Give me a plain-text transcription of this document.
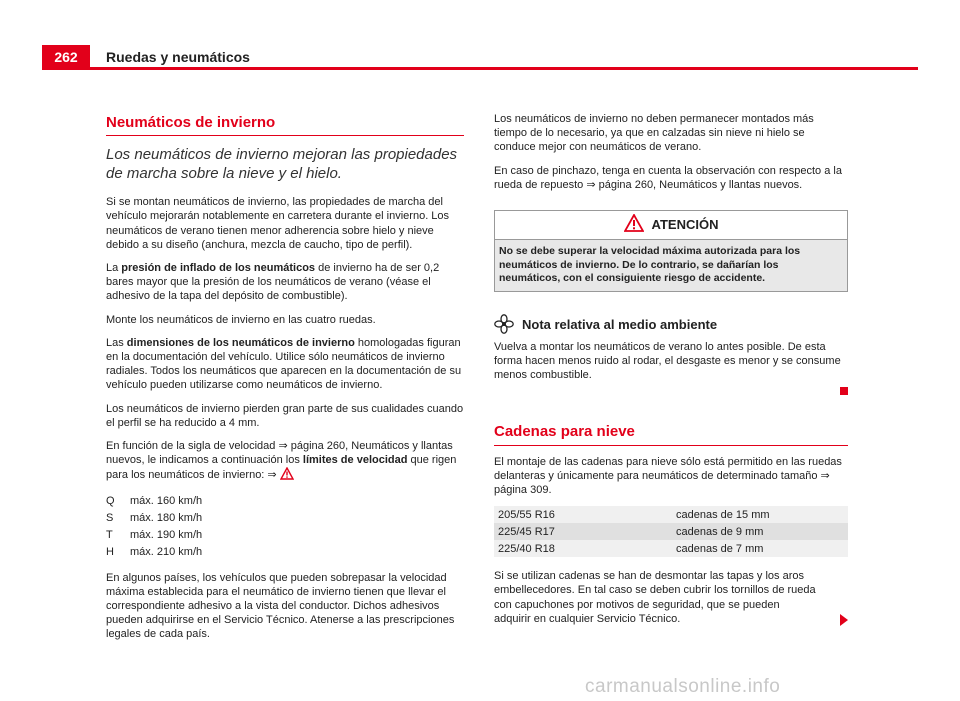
262	Ruedas y neumáticos
Neumáticos de invierno
Los neumáticos de invierno mejoran las propiedades de marcha sobre la nieve y el hielo.

Si se montan neumáticos de invierno, las propiedades de marcha del vehículo mejorarán notablemente en carretera durante el invierno. Los neumáticos de verano tienen menor adherencia sobre hielo y nieve debido a su diseño (anchura, mezcla de caucho, tipo de perfil).

La presión de inflado de los neumáticos de invierno ha de ser 0,2 bares mayor que la presión de los neumáticos de verano (véase el adhesivo de la tapa del depósito de combustible).

Monte los neumáticos de invierno en las cuatro ruedas.

Las dimensiones de los neumáticos de invierno homologadas figuran en la documentación del vehículo. Utilice sólo neumáticos de invierno radiales. Todos los neumáticos que aparecen en la documentación de su vehículo pueden utilizarse como neumáticos de invierno.

Los neumáticos de invierno pierden gran parte de sus cualidades cuando el perfil se ha reducido a 4 mm.

En función de la sigla de velocidad ⇒ página 260, Neumáticos y llantas nuevos, le indicamos a continuación los límites de velocidad que rigen para los neumáticos de invierno: ⇒

Q	máx. 160 km/h
S	máx. 180 km/h
T	máx. 190 km/h
H	máx. 210 km/h

En algunos países, los vehículos que pueden sobrepasar la velocidad máxima establecida para el neumático de invierno tienen que llevar el correspondiente adhesivo a la vista del conductor. Dichos adhesivos pueden adquirirse en el Servicio Técnico. Atenerse a las prescripciones legales de cada país.

Los neumáticos de invierno no deben permanecer montados más tiempo de lo necesario, ya que en calzadas sin nieve ni hielo se conduce mejor con neumáticos de verano.

En caso de pinchazo, tenga en cuenta la observación con respecto a la rueda de repuesto ⇒ página 260, Neumáticos y llantas nuevos.

ATENCIÓN
No se debe superar la velocidad máxima autorizada para los neumáticos de invierno. De lo contrario, se dañarían los neumáticos, con el consiguiente riesgo de accidente.
Nota relativa al medio ambiente

Vuelva a montar los neumáticos de verano lo antes posible. De esta forma hacen menos ruido al rodar, el desgaste es menor y se consume menos combustible.

Cadenas para nieve

El montaje de las cadenas para nieve sólo está permitido en las ruedas delanteras y únicamente para neumáticos de determinado tamaño ⇒ página 309.

205/55 R16	cadenas de 15 mm
225/45 R17	cadenas de 9 mm
225/40 R18	cadenas de 7 mm
Si se utilizan cadenas se han de desmontar las tapas y los aros embellecedores. En tal caso se deben cubrir los tornillos de rueda con capuchones por motivos de seguridad, que se pueden adquirir en cualquier Servicio Técnico.
carmanualsonline.info
